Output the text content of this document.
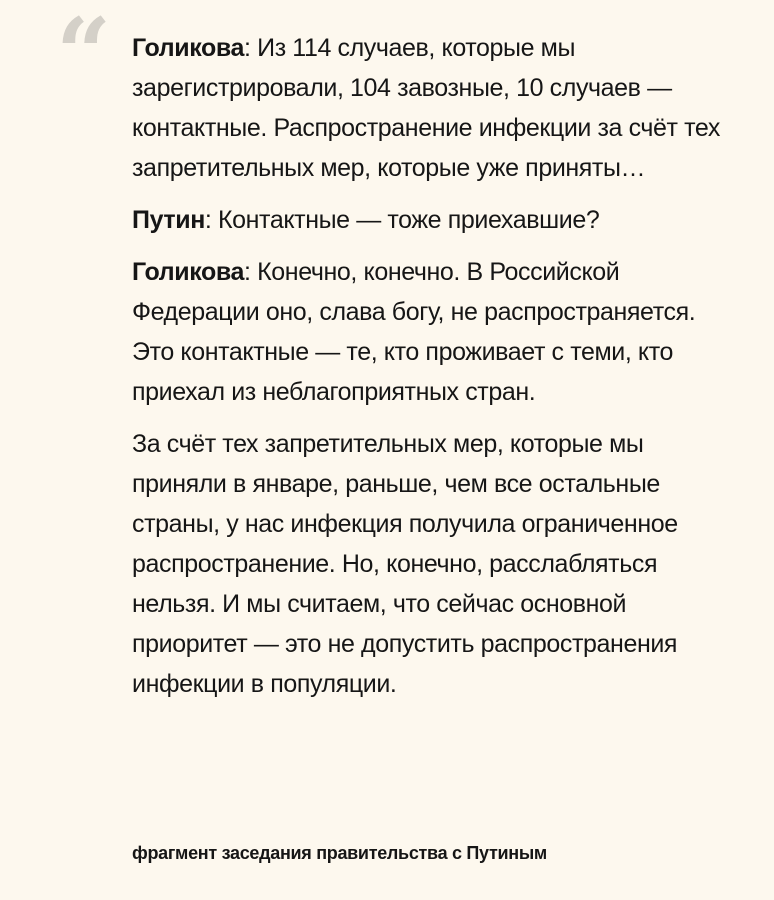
“ Голикова: Из 114 случаев, которые мы зарегистрировали, 104 завозные, 10 случаев — контактные. Распространение инфекции за счёт тех запретительных мер, которые уже приняты…

Путин: Контактные — тоже приехавшие?

Голикова: Конечно, конечно. В Российской Федерации оно, слава богу, не распространяется. Это контактные — те, кто проживает с теми, кто приехал из неблагоприятных стран.

За счёт тех запретительных мер, которые мы приняли в январе, раньше, чем все остальные страны, у нас инфекция получила ограниченное распространение. Но, конечно, расслабляться нельзя. И мы считаем, что сейчас основной приоритет — это не допустить распространения инфекции в популяции.

фрагмент заседания правительства с Путиным
